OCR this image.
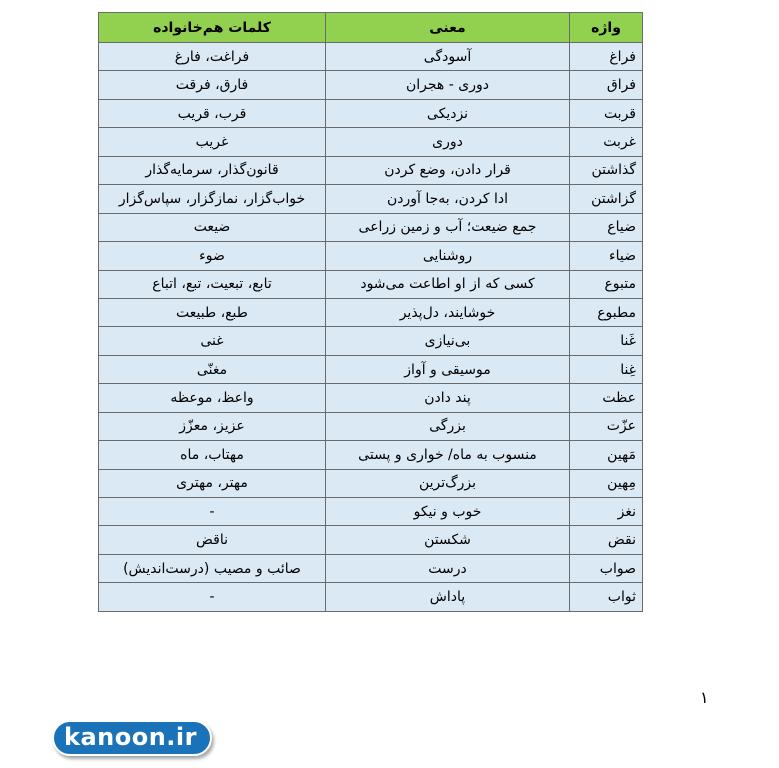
واژه	معنی	کلمات هم‌خانواده
فراغ	آسودگی	فراغت، فارغ
فراق	دوری - هجران	فارق، فرقت
قربت	نزدیکی	قرب، قریب
غربت	دوری	غریب
گذاشتن	قرار دادن، وضع کردن	قانون‌گذار، سرمایه‌گذار
گزاشتن	ادا کردن، به‌جا آوردن	خواب‌گزار، نمازگزار، سپاس‌گزار
ضیاع	جمع ضیعت؛ آب و زمین زراعی	ضیعت
ضیاء	روشنایی	ضوء
متبوع	کسی که از او اطاعت می‌شود	تابع، تبعیت، تبع، اتباع
مطبوع	خوشایند، دل‌پذیر	طبع، طبیعت
غَنا	بی‌نیازی	غنی
غِنا	موسیقی و آواز	مغنّی
عظت	پند دادن	واعظ، موعظه
عزّت	بزرگی	عزیز، معزّز
مَهین	منسوب به ماه/ خواری و پستی	مهتاب، ماه
مِهین	بزرگ‌ترین	مهتر، مهتری
نغز	خوب و نیکو	-
نقض	شکستن	ناقض
صواب	درست	صائب و مصیب (درست‌اندیش)
ثواب	پاداش	-
۱
kanoon.ir
